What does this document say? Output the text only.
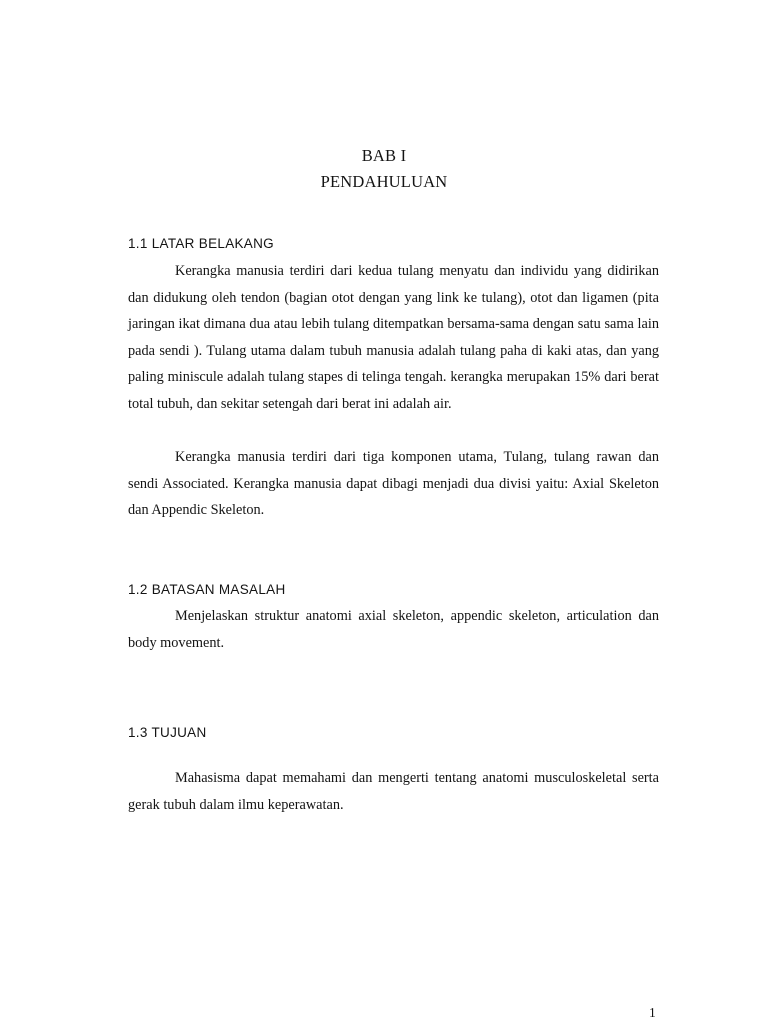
BAB I
PENDAHULUAN
1.1 LATAR BELAKANG

Kerangka manusia terdiri dari kedua tulang menyatu dan individu yang didirikan dan didukung oleh tendon (bagian otot dengan yang link ke tulang), otot dan ligamen (pita jaringan ikat dimana dua atau lebih tulang ditempatkan bersama-sama dengan satu sama lain pada sendi ). Tulang utama dalam tubuh manusia adalah tulang paha di kaki atas, dan yang paling miniscule adalah tulang stapes di telinga tengah. kerangka merupakan 15% dari berat total tubuh, dan sekitar setengah dari berat ini adalah air.

Kerangka manusia terdiri dari tiga komponen utama, Tulang, tulang rawan dan sendi Associated. Kerangka manusia dapat dibagi menjadi dua divisi yaitu: Axial Skeleton dan Appendic Skeleton.

1.2 BATASAN MASALAH

Menjelaskan struktur anatomi axial skeleton, appendic skeleton, articulation dan body movement.

1.3 TUJUAN

Mahasisma dapat memahami dan mengerti tentang anatomi musculoskeletal serta gerak tubuh dalam ilmu keperawatan.

1
